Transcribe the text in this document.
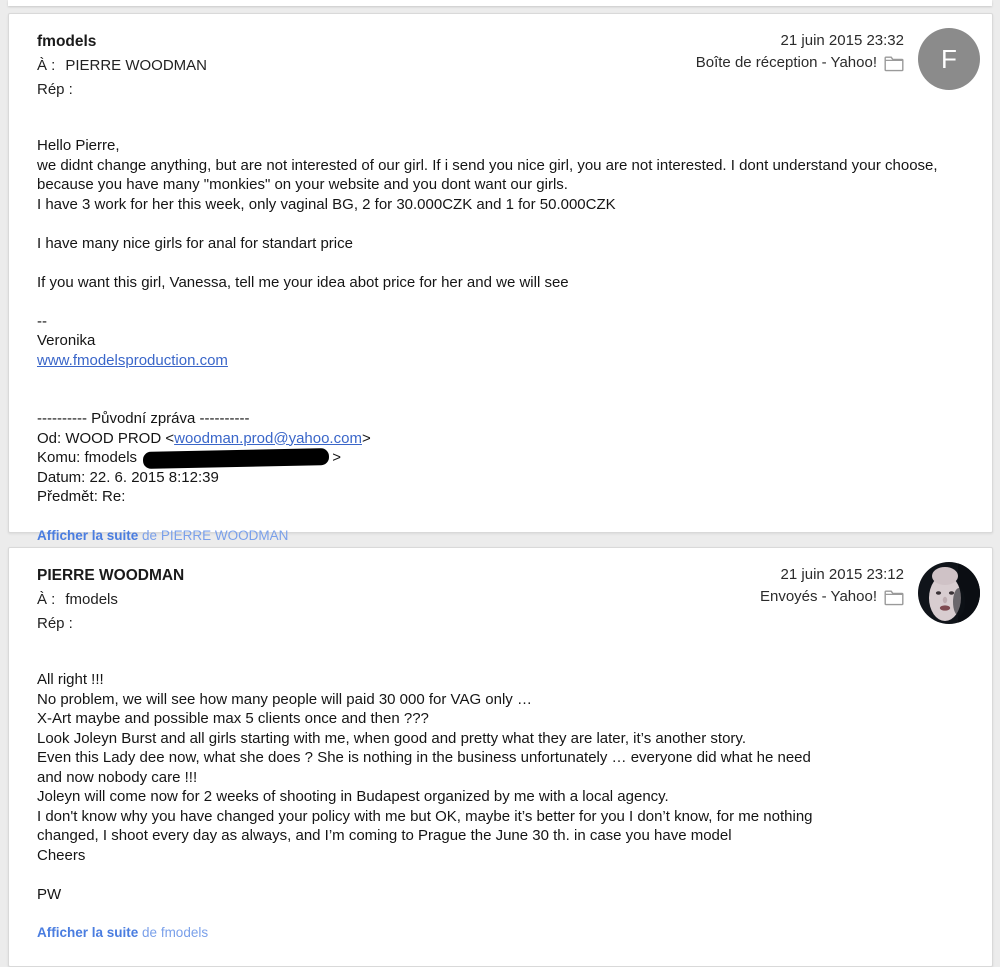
fmodels
À : PIERRE WOODMAN
Rép :
21 juin 2015 23:32
Boîte de réception - Yahoo! F
Hello Pierre,
we didnt change anything, but are not interested of our girl. If i send you nice girl, you are not interested. I dont understand your choose,
because you have many "monkies" on your website and you dont want our girls.
I have 3 work for her this week, only vaginal BG, 2 for 30.000CZK and 1 for 50.000CZK

I have many nice girls for anal for standart price

If you want this girl, Vanessa, tell me your idea abot price for her and we will see

--
Veronika
www.fmodelsproduction.com

---------- Původní zpráva ----------
Od: WOOD PROD <woodman.prod@yahoo.com>
Komu: fmodels	>
Datum: 22. 6. 2015 8:12:39
Předmět: Re:
Afficher la suite de PIERRE WOODMAN
PIERRE WOODMAN
À : fmodels
Rép :
21 juin 2015 23:12
Envoyés - Yahoo!
All right !!!
No problem, we will see how many people will paid 30 000 for VAG only …
X-Art maybe and possible max 5 clients once and then ???
Look Joleyn Burst and all girls starting with me, when good and pretty what they are later, it’s another story.
Even this Lady dee now, what she does ? She is nothing in the business unfortunately … everyone did what he need
and now nobody care !!!
Joleyn will come now for 2 weeks of shooting in Budapest organized by me with a local agency.
I don't know why you have changed your policy with me but OK, maybe it’s better for you I don’t know, for me nothing
changed, I shoot every day as always, and I’m coming to Prague the June 30 th. in case you have model
Cheers

PW
Afficher la suite de fmodels
